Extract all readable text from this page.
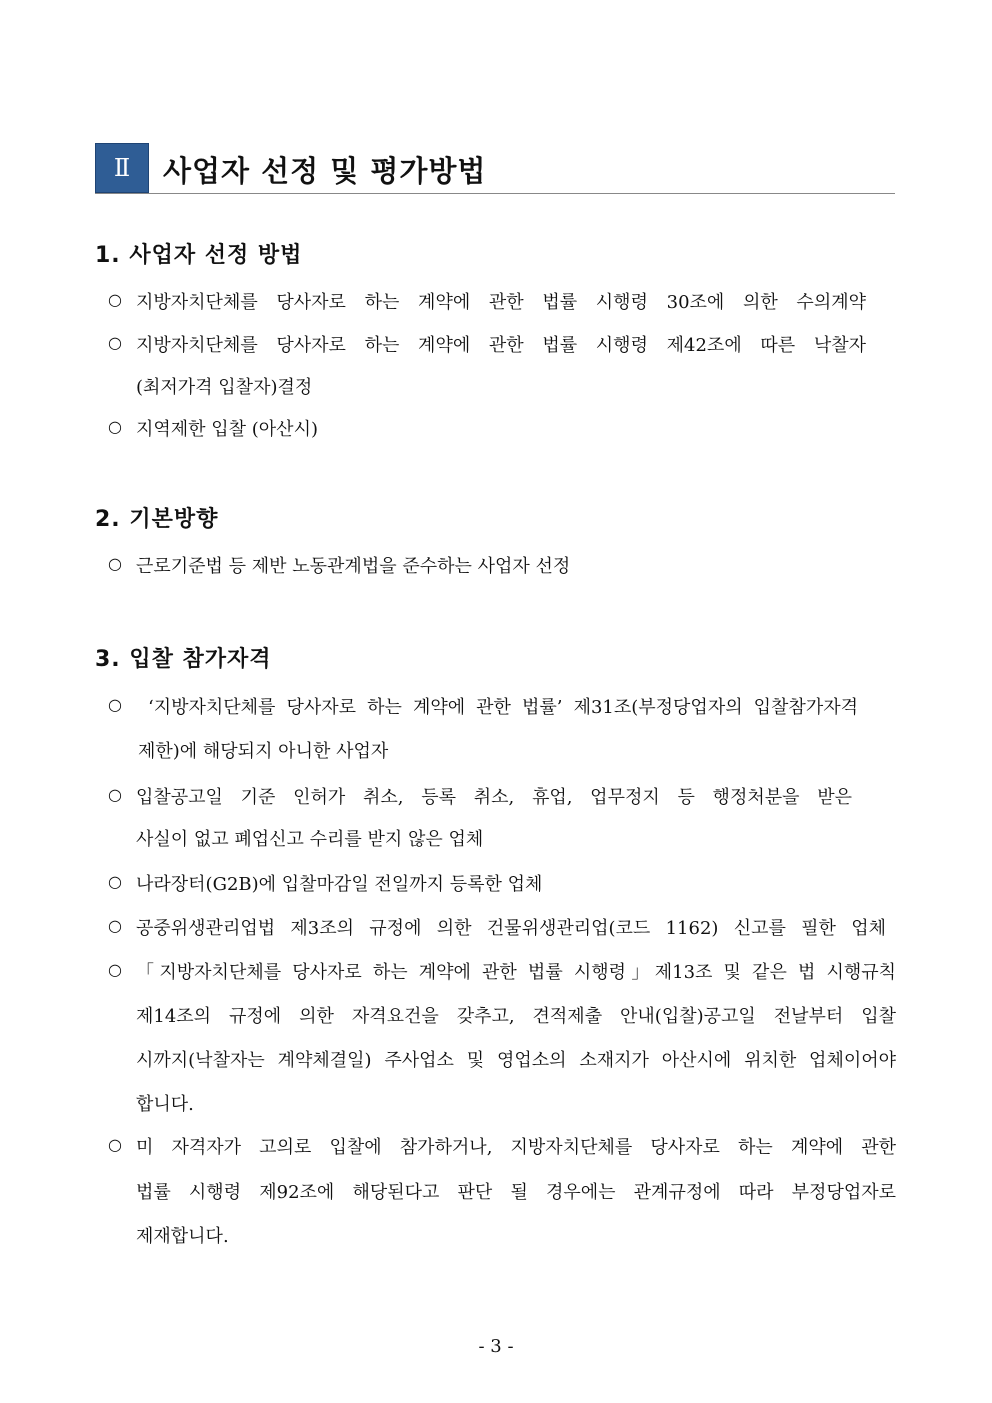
Ⅱ	사업자 선정 및 평가방법
1. 사업자 선정 방법
○ 지방자치단체를 당사자로 하는 계약에 관한 법률 시행령 30조에 의한 수의계약
○ 지방자치단체를 당사자로 하는 계약에 관한 법률 시행령 제42조에 따른 낙찰자
(최저가격 입찰자)결정
○ 지역제한 입찰 (아산시)
2. 기본방향
○ 근로기준법 등 제반 노동관계법을 준수하는 사업자 선정
3. 입찰 참가자격
○ ‘지방자치단체를 당사자로 하는 계약에 관한 법률’ 제31조(부정당업자의 입찰참가자격
제한)에 해당되지 아니한 사업자
○ 입찰공고일 기준 인허가 취소, 등록 취소, 휴업, 업무정지 등 행정처분을 받은
사실이 없고 폐업신고 수리를 받지 않은 업체
○ 나라장터(G2B)에 입찰마감일 전일까지 등록한 업체
○ 공중위생관리업법 제3조의 규정에 의한 건물위생관리업(코드 1162) 신고를 필한 업체
○ 「지방자치단체를 당사자로 하는 계약에 관한 법률 시행령」제13조 및 같은 법 시행규칙
제14조의 규정에 의한 자격요건을 갖추고, 견적제출 안내(입찰)공고일 전날부터 입찰
시까지(낙찰자는 계약체결일) 주사업소 및 영업소의 소재지가 아산시에 위치한 업체이어야
합니다.
○ 미 자격자가 고의로 입찰에 참가하거나, 지방자치단체를 당사자로 하는 계약에 관한
법률 시행령 제92조에 해당된다고 판단 될 경우에는 관계규정에 따라 부정당업자로
제재합니다.
- 3 -
